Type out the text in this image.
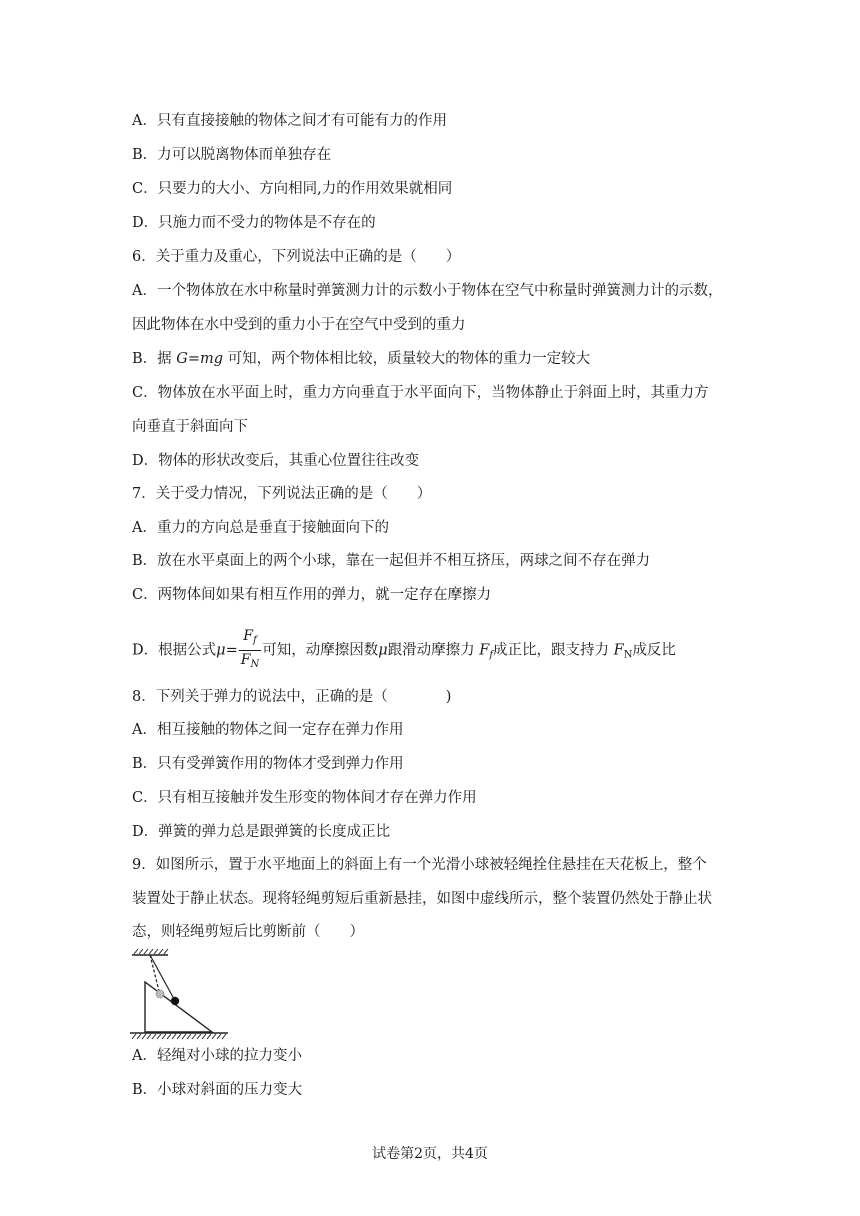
A．只有直接接触的物体之间才有可能有力的作用
B．力可以脱离物体而单独存在
C．只要力的大小、方向相同,力的作用效果就相同
D．只施力而不受力的物体是不存在的
6．关于重力及重心，下列说法中正确的是（　　）
A．一个物体放在水中称量时弹簧测力计的示数小于物体在空气中称量时弹簧测力计的示数，
因此物体在水中受到的重力小于在空气中受到的重力
B．据 G=mg 可知，两个物体相比较，质量较大的物体的重力一定较大
C．物体放在水平面上时，重力方向垂直于水平面向下，当物体静止于斜面上时，其重力方
向垂直于斜面向下
D．物体的形状改变后，其重心位置往往改变
7．关于受力情况，下列说法正确的是（　　）
A．重力的方向总是垂直于接触面向下的
B．放在水平桌面上的两个小球，靠在一起但并不相互挤压，两球之间不存在弹力
C．两物体间如果有相互作用的弹力，就一定存在摩擦力
D．根据公式$\mu= \frac{F_f}{F_N}$ 可知，动摩擦因数μ跟滑动摩擦力 $F_f$成正比，跟支持力 $F_N$成反比
8．下列关于弹力的说法中，正确的是（　　　　)
A．相互接触的物体之间一定存在弹力作用
B．只有受弹簧作用的物体才受到弹力作用
C．只有相互接触并发生形变的物体间才存在弹力作用
D．弹簧的弹力总是跟弹簧的长度成正比
9．如图所示，置于水平地面上的斜面上有一个光滑小球被轻绳拴住悬挂在天花板上，整个
装置处于静止状态。现将轻绳剪短后重新悬挂，如图中虚线所示，整个装置仍然处于静止状
态，则轻绳剪短后比剪断前（　　）
A．轻绳对小球的拉力变小
B．小球对斜面的压力变大
试卷第2页，共4页
